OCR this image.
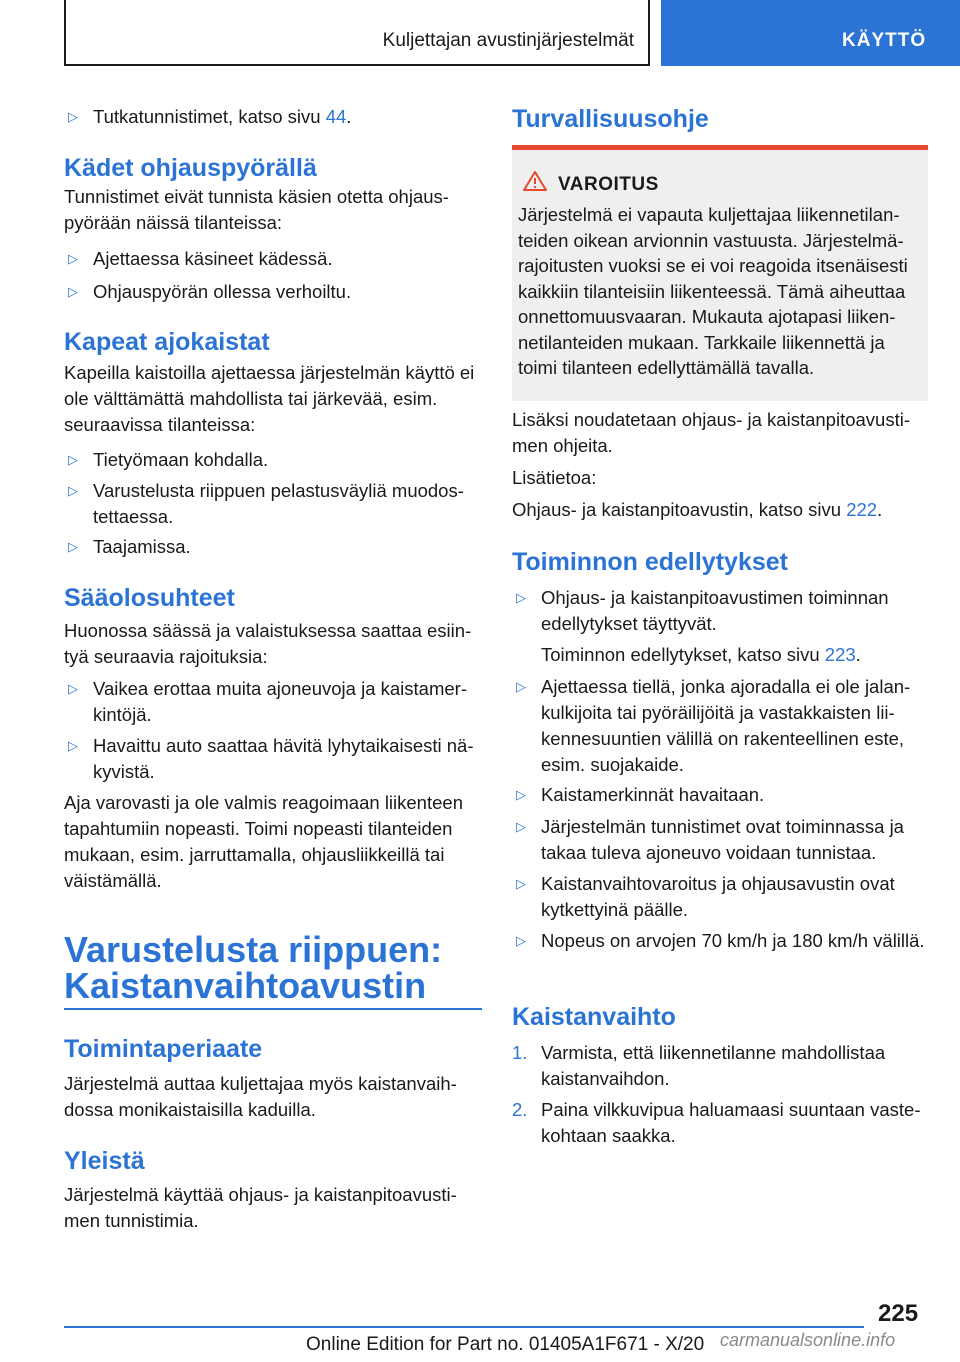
Kuljettajan avustinjärjestelmät	KÄYTTÖ
▷ Tutkatunnistimet, katso sivu 44.
Kädet ohjauspyörällä
Tunnistimet eivät tunnista käsien otetta ohjauspyörään näissä tilanteissa:
▷ Ajettaessa käsineet kädessä.
▷ Ohjauspyörän ollessa verhoiltu.
Kapeat ajokaistat
Kapeilla kaistoilla ajettaessa järjestelmän käyttö ei ole välttämättä mahdollista tai järkevää, esim. seuraavissa tilanteissa:
▷ Tietyömaan kohdalla.
▷ Varustelusta riippuen pelastusväyliä muodostettaessa.
▷ Taajamissa.
Sääolosuhteet
Huonossa säässä ja valaistuksessa saattaa esiintyä seuraavia rajoituksia:
▷ Vaikea erottaa muita ajoneuvoja ja kaistamerkintöjä.
▷ Havaittu auto saattaa hävitä lyhytaikaisesti näkyvistä.
Aja varovasti ja ole valmis reagoimaan liikenteen tapahtumiin nopeasti. Toimi nopeasti tilanteiden mukaan, esim. jarruttamalla, ohjausliikkeillä tai väistämällä.
Varustelusta riippuen:
Kaistanvaihtoavustin
Toimintaperiaate
Järjestelmä auttaa kuljettajaa myös kaistanvaihdossa monikaistaisilla kaduilla.
Yleistä
Järjestelmä käyttää ohjaus- ja kaistanpitoavustimen tunnistimia.
Turvallisuusohje
VAROITUS
Järjestelmä ei vapauta kuljettajaa liikennetilanteiden oikean arvionnin vastuusta. Järjestelmärajoitusten vuoksi se ei voi reagoida itsenäisesti kaikkiin tilanteisiin liikenteessä. Tämä aiheuttaa onnettomuusvaaran. Mukauta ajotapasi liikennetilanteiden mukaan. Tarkkaile liikennettä ja toimi tilanteen edellyttämällä tavalla.
Lisäksi noudatetaan ohjaus- ja kaistanpitoavustimen ohjeita.
Lisätietoa:
Ohjaus- ja kaistanpitoavustin, katso sivu 222.
Toiminnon edellytykset
▷ Ohjaus- ja kaistanpitoavustimen toiminnan edellytykset täyttyvät.
Toiminnon edellytykset, katso sivu 223.
▷ Ajettaessa tiellä, jonka ajoradalla ei ole jalankulkijoita tai pyöräilijöitä ja vastakkaisten liikennesuuntien välillä on rakenteellinen este, esim. suojakaide.
▷ Kaistamerkinnät havaitaan.
▷ Järjestelmän tunnistimet ovat toiminnassa ja takaa tuleva ajoneuvo voidaan tunnistaa.
▷ Kaistanvaihtovaroitus ja ohjausavustin ovat kytkettyinä päälle.
▷ Nopeus on arvojen 70 km/h ja 180 km/h välillä.
Kaistanvaihto
1. Varmista, että liikennetilanne mahdollistaa kaistanvaihdon.
2. Paina vilkkuvipua haluamaasi suuntaan vastekohtaan saakka.
225
Online Edition for Part no. 01405A1F671 - X/20 carmanualsonline.info
